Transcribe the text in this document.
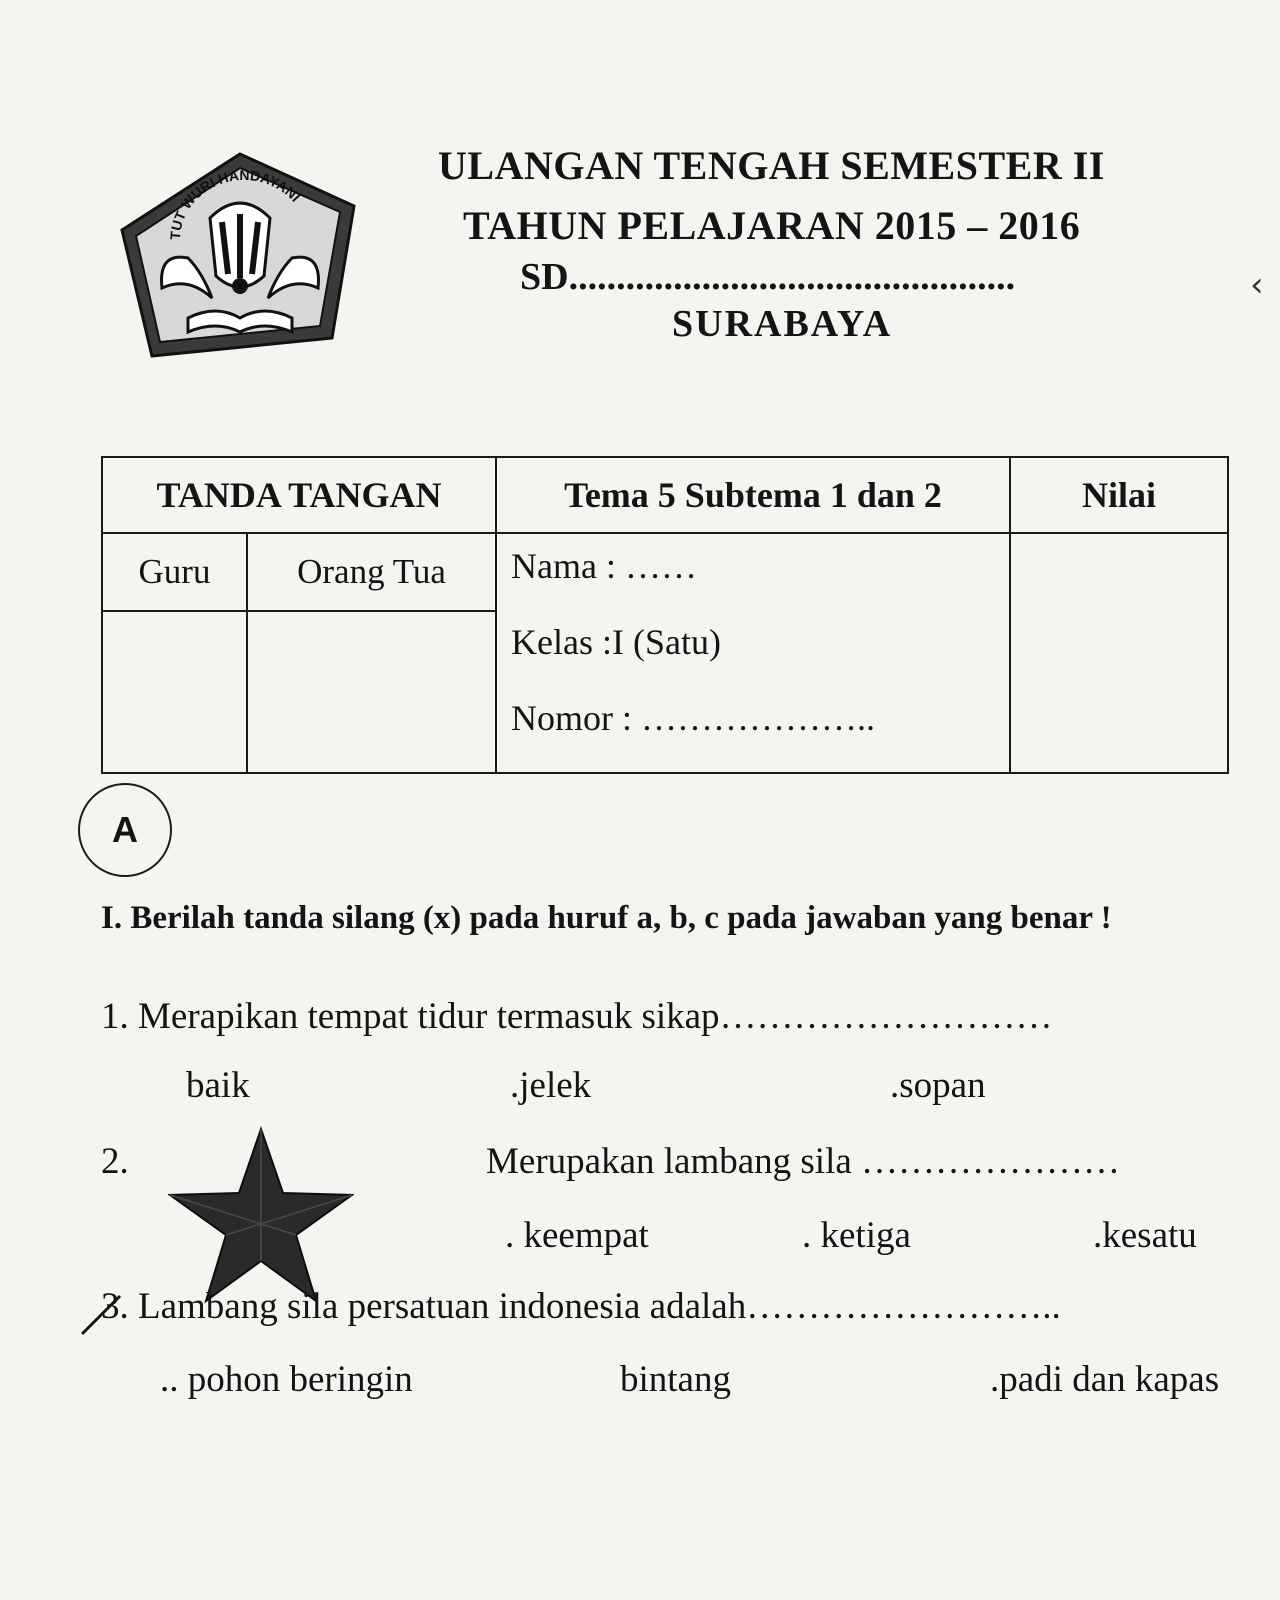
TUT WURI HANDAYANI
ULANGAN TENGAH SEMESTER II
TAHUN PELAJARAN 2015 – 2016
SD...............................................
SURABAYA
‹
TANDA TANGAN		Tema 5 Subtema 1 dan 2	Nilai
Guru	Orang Tua	Nama : ……
Kelas :I (Satu)
Nomor : ………………..	

A
I. Berilah tanda silang (x) pada huruf a, b, c pada jawaban yang benar !
1. Merapikan tempat tidur termasuk sikap………………………
baik	.jelek	.sopan
2.	Merupakan lambang sila …………………
. keempat	. ketiga	.kesatu
3. Lambang sila persatuan indonesia adalah……………………..
.. pohon beringin	bintang	.padi dan kapas
